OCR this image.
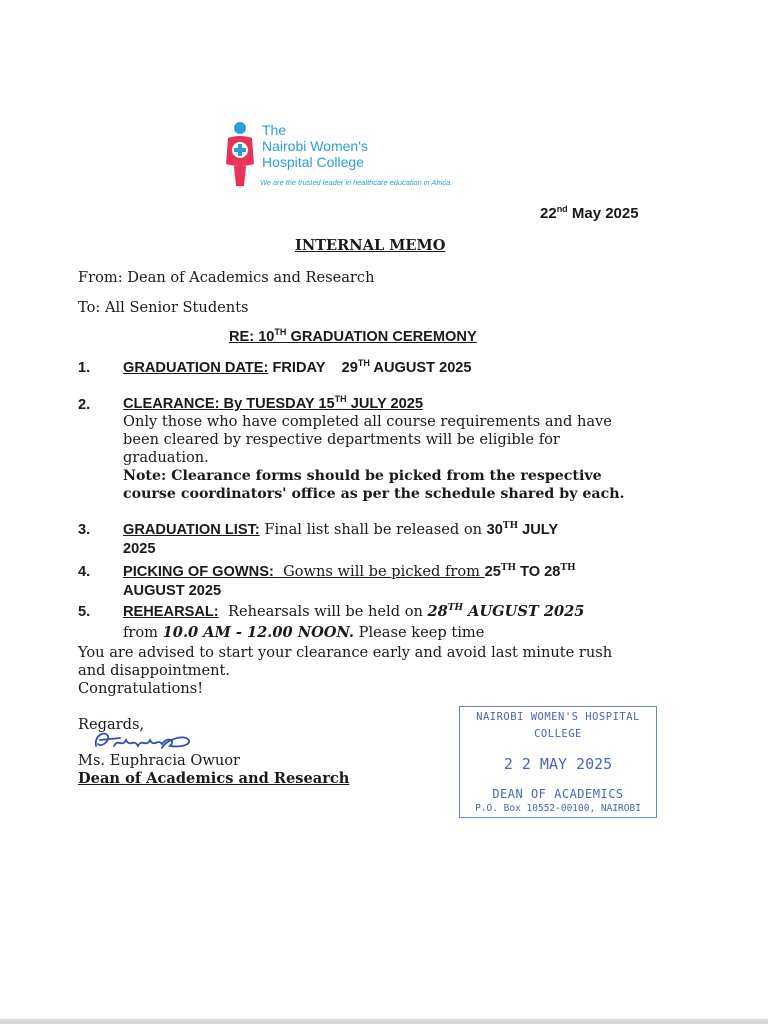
The
Nairobi Women's
Hospital College
We are the trusted leader in healthcare education in Africa.
22nd May 2025
INTERNAL MEMO
From: Dean of Academics and Research
To: All Senior Students
RE: 10TH GRADUATION CEREMONY
1. GRADUATION DATE: FRIDAY 29TH AUGUST 2025
2. CLEARANCE: By TUESDAY 15TH JULY 2025
Only those who have completed all course requirements and have
been cleared by respective departments will be eligible for
graduation.
Note: Clearance forms should be picked from the respective
course coordinators' office as per the schedule shared by each.
3. GRADUATION LIST: Final list shall be released on 30TH JULY
2025
4. PICKING OF GOWNS:  Gowns will be picked from 25TH TO 28TH
AUGUST 2025
5. REHEARSAL:  Rehearsals will be held on 28TH AUGUST 2025
from 10.0 AM - 12.00 NOON. Please keep time
You are advised to start your clearance early and avoid last minute rush
and disappointment.
Congratulations!
Regards,
Ms. Euphracia Owuor
Dean of Academics and Research
NAIROBI WOMEN'S HOSPITAL
COLLEGE
2 2 MAY 2025
DEAN OF ACADEMICS
P.O. Box 10552-00100, NAIROBI
